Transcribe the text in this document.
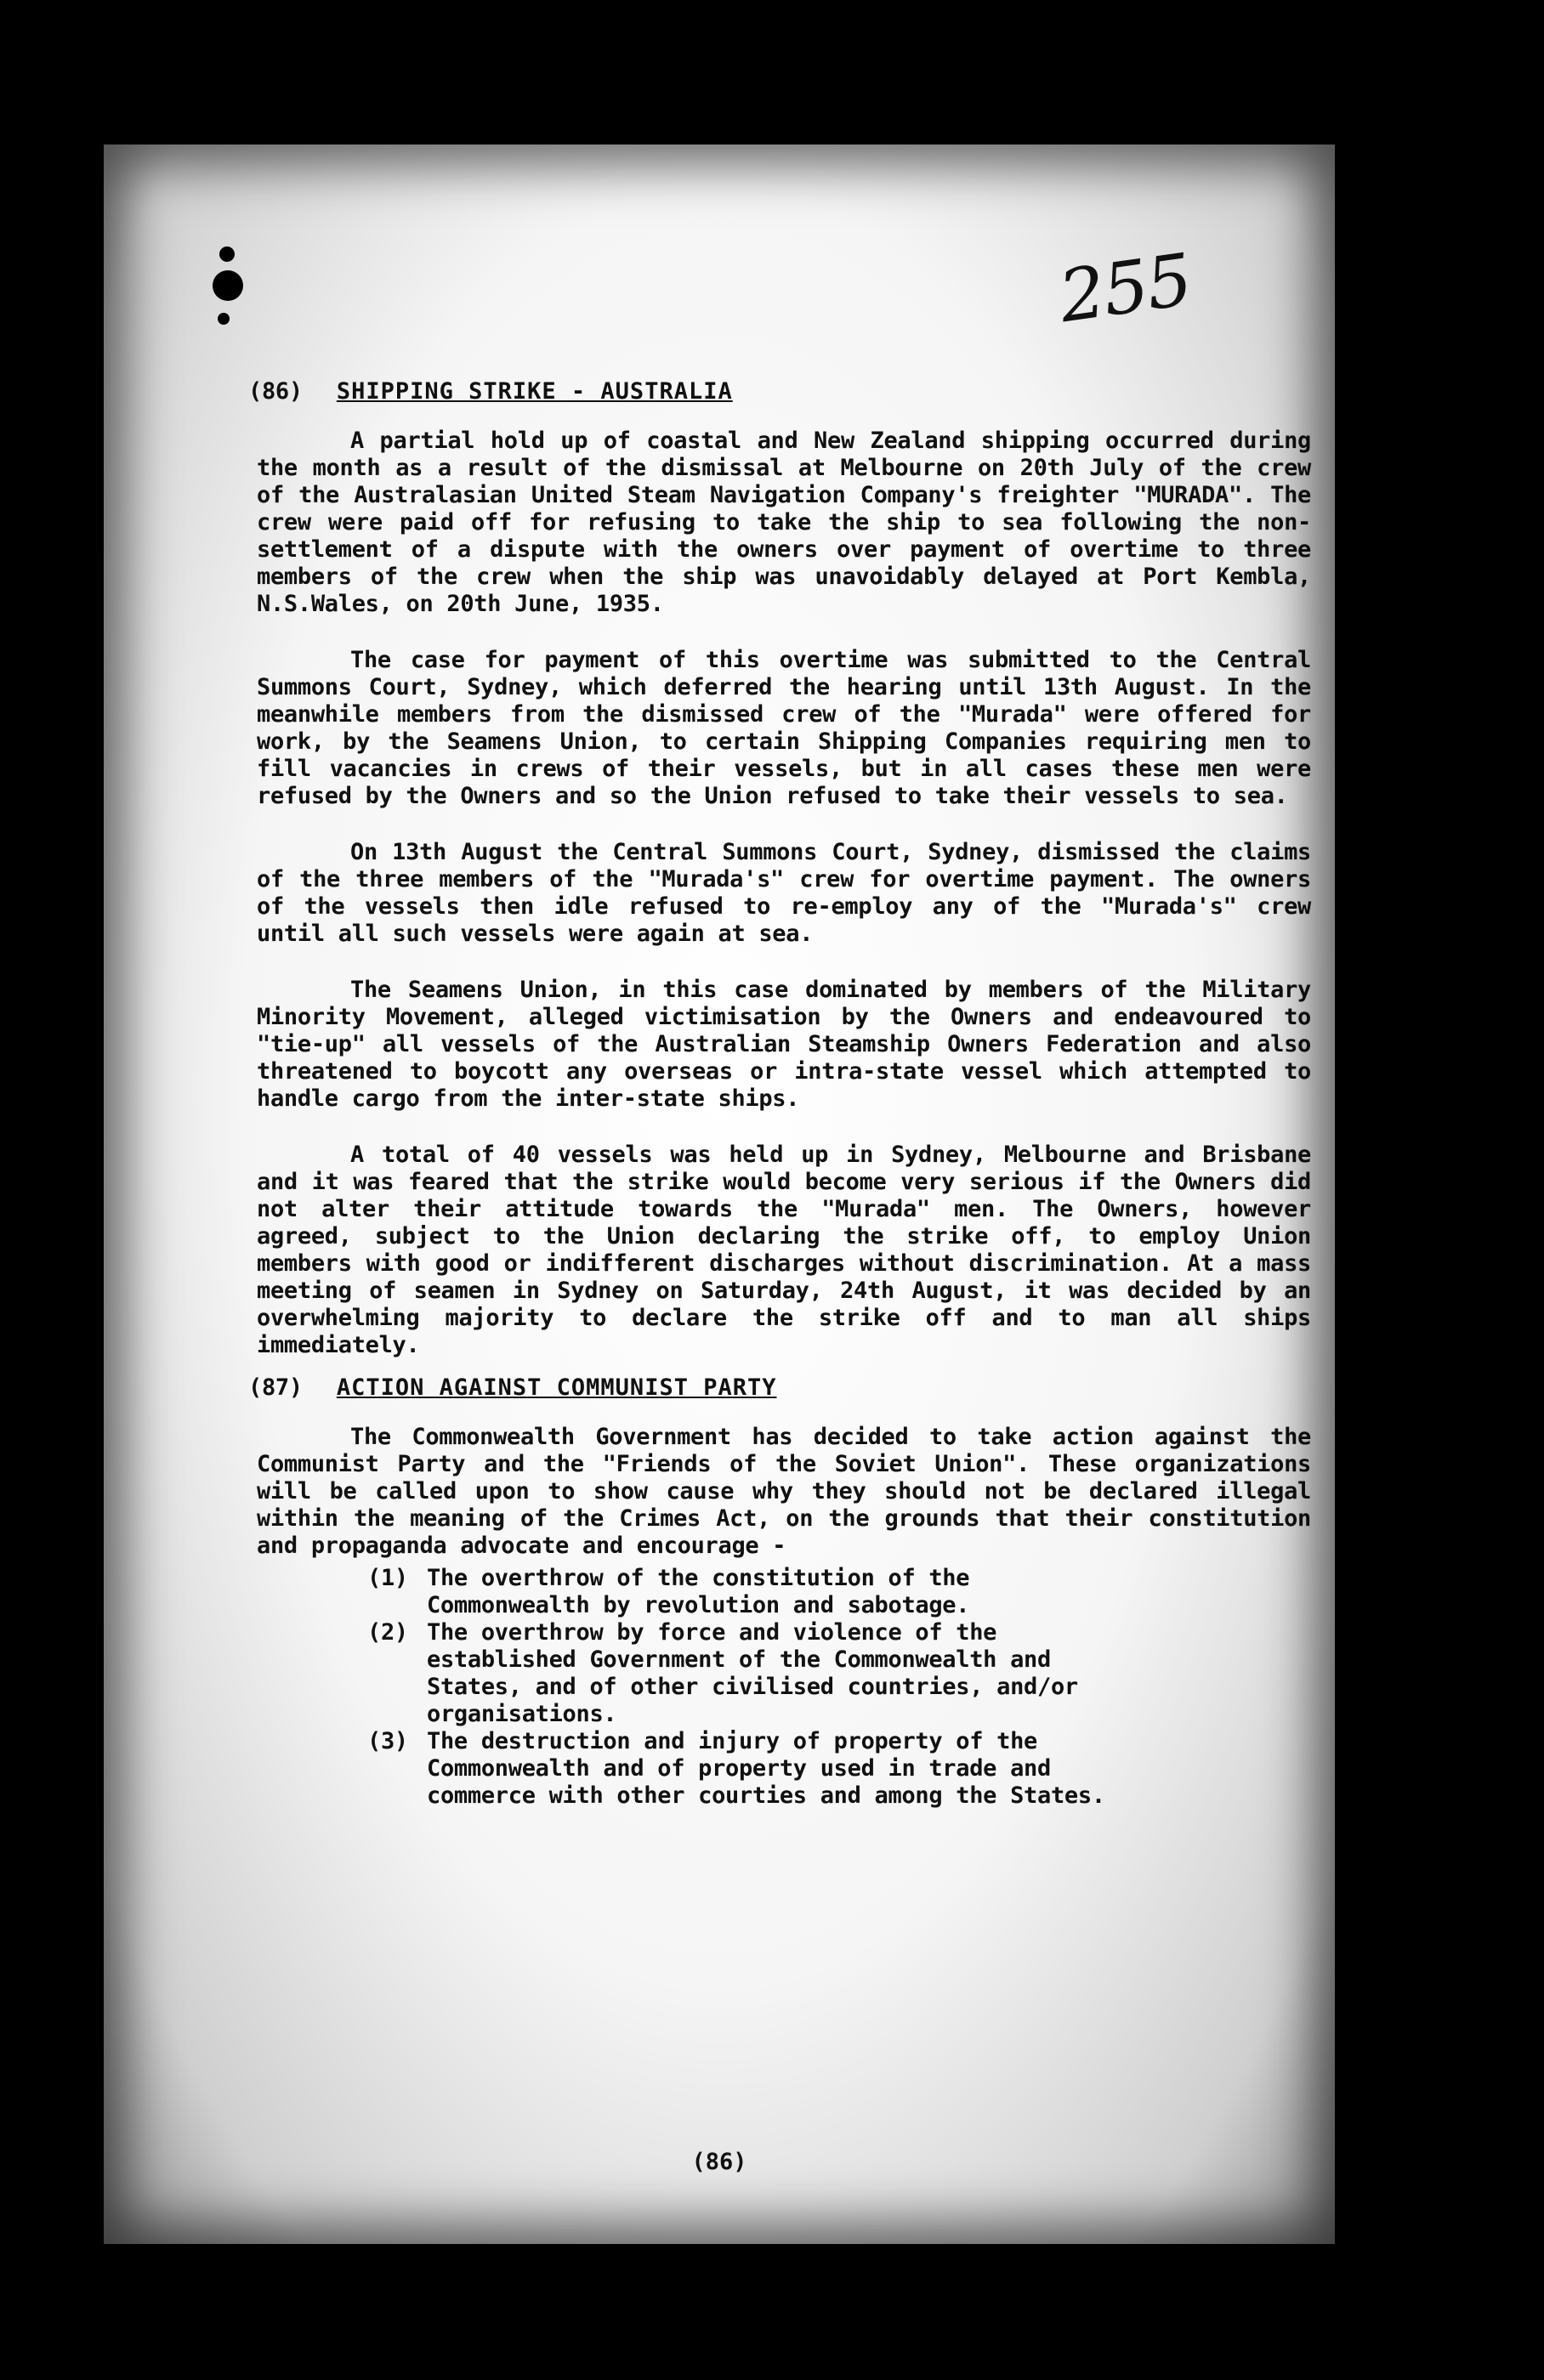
255
(86) SHIPPING STRIKE - AUSTRALIA

A partial hold up of coastal and New Zealand shipping occurred during the month as a result of the dismissal at Melbourne on 20th July of the crew of the Australasian United Steam Navigation Company's freighter "MURADA". The crew were paid off for refusing to take the ship to sea following the non-settlement of a dispute with the owners over payment of overtime to three members of the crew when the ship was unavoidably delayed at Port Kembla, N.S.Wales, on 20th June, 1935.

The case for payment of this overtime was submitted to the Central Summons Court, Sydney, which deferred the hearing until 13th August. In the meanwhile members from the dismissed crew of the "Murada" were offered for work, by the Seamens Union, to certain Shipping Companies requiring men to fill vacancies in crews of their vessels, but in all cases these men were refused by the Owners and so the Union refused to take their vessels to sea.

On 13th August the Central Summons Court, Sydney, dismissed the claims of the three members of the "Murada's" crew for overtime payment. The owners of the vessels then idle refused to re-employ any of the "Murada's" crew until all such vessels were again at sea.

The Seamens Union, in this case dominated by members of the Military Minority Movement, alleged victimisation by the Owners and endeavoured to "tie-up" all vessels of the Australian Steamship Owners Federation and also threatened to boycott any overseas or intra-state vessel which attempted to handle cargo from the inter-state ships.

A total of 40 vessels was held up in Sydney, Melbourne and Brisbane and it was feared that the strike would become very serious if the Owners did not alter their attitude towards the "Murada" men. The Owners, however agreed, subject to the Union declaring the strike off, to employ Union members with good or indifferent discharges without discrimination. At a mass meeting of seamen in Sydney on Saturday, 24th August, it was decided by an overwhelming majority to declare the strike off and to man all ships immediately.

(87) ACTION AGAINST COMMUNIST PARTY

The Commonwealth Government has decided to take action against the Communist Party and the "Friends of the Soviet Union". These organizations will be called upon to show cause why they should not be declared illegal within the meaning of the Crimes Act, on the grounds that their constitution and propaganda advocate and encourage -

(1) The overthrow of the constitution of the Commonwealth by revolution and sabotage.
(2) The overthrow by force and violence of the established Government of the Commonwealth and States, and of other civilised countries, and/or organisations.
(3) The destruction and injury of property of the Commonwealth and of property used in trade and commerce with other courties and among the States.
(86)
